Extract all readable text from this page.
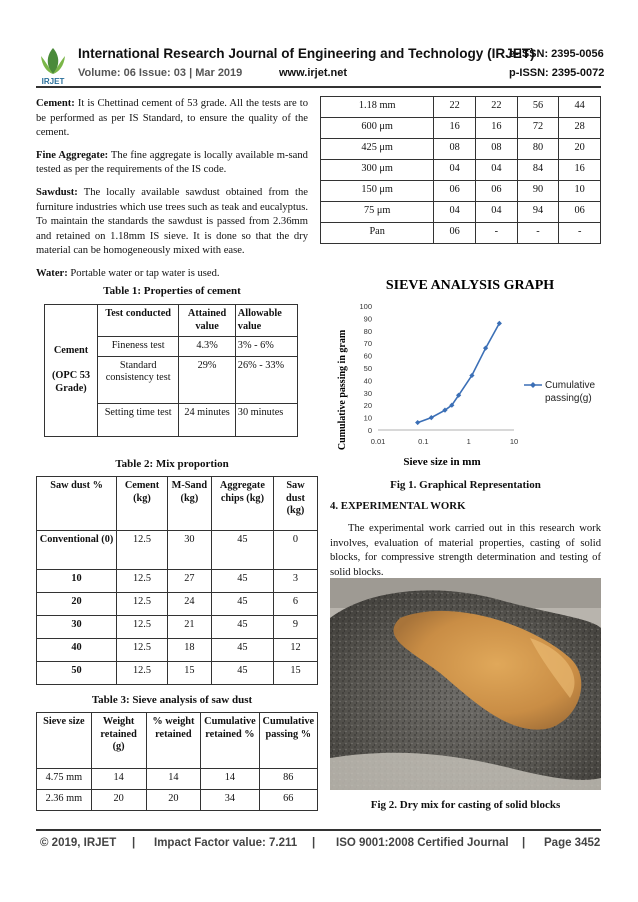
IRJET
International Research Journal of Engineering and Technology (IRJET)
e-ISSN: 2395-0056
Volume: 06 Issue: 03 | Mar 2019	www.irjet.net	p-ISSN: 2395-0072

Cement: It is Chettinad cement of 53 grade. All the tests are to be performed as per IS Standard, to ensure the quality of the cement.

Fine Aggregate: The fine aggregate is locally available m-sand tested as per the requirements of the IS code.

Sawdust: The locally available sawdust obtained from the furniture industries which use trees such as teak and eucalyptus. To maintain the standards the sawdust is passed from 2.36mm and retained on 1.18mm IS sieve. It is done so that the dry material can be homogeneously mixed with ease.

Water: Portable water or tap water is used.

Table 1: Properties of cement
Cement

(OPC 53 Grade)	Test conducted	Attained value	Allowable value
	Fineness test	4.3%	3% - 6%
	Standard consistency test	29%	26% - 33%
	Setting time test	24 minutes	30 minutes
Table 2: Mix proportion
Saw dust %	Cement (kg)	M-Sand (kg)	Aggregate chips (kg)	Saw dust (kg)
Conventional (0)	12.5	30	45	0
10	12.5	27	45	3
20	12.5	24	45	6
30	12.5	21	45	9
40	12.5	18	45	12
50	12.5	15	45	15
Table 3: Sieve analysis of saw dust
Sieve size	Weight retained (g)	% weight retained	Cumulative retained %	Cumulative passing %
4.75 mm	14	14	14	86
2.36 mm	20	20	34	66
1.18 mm	22	22	56	44
600 μm	16	16	72	28
425 μm	08	08	80	20
300 μm	04	04	84	16
150 μm	06	06	90	10
75 μm	04	04	94	06
Pan	06	-	-	-
SIEVE ANALYSIS GRAPH
Cumulative passing in gram
Sieve size in mm
0
10
20
30
40
50
60
70
80
90
100
0.01	0.1	1	10
Cumulative
passing(g)
Fig 1. Graphical Representation
4. EXPERIMENTAL WORK

The experimental work carried out in this research work involves, evaluation of material properties, casting of solid blocks, for compressive strength determination and testing of solid blocks.

Fig 2. Dry mix for casting of solid blocks
© 2019, IRJET | Impact Factor value: 7.211 | ISO 9001:2008 Certified Journal | Page 3452
